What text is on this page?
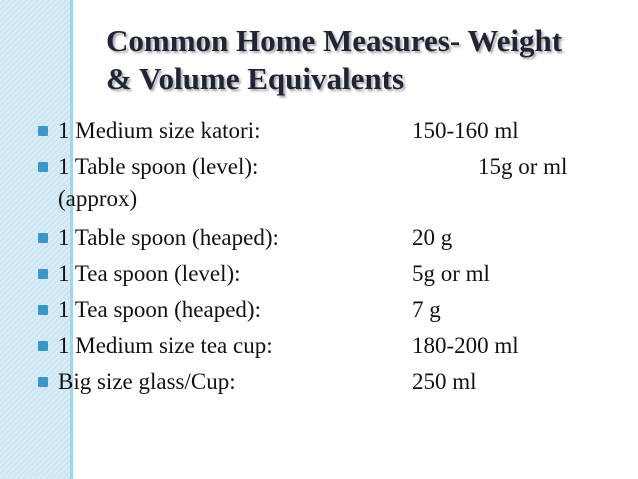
Common Home Measures- Weight
& Volume Equivalents
1 Medium size katori:	150-160 ml
1 Table spoon (level):	15g or ml
(approx)
1 Table spoon (heaped):	20 g
1 Tea spoon (level):	5g or ml
1 Tea spoon (heaped):	7 g
1 Medium size tea cup:	180-200 ml
Big size glass/Cup:	250 ml
